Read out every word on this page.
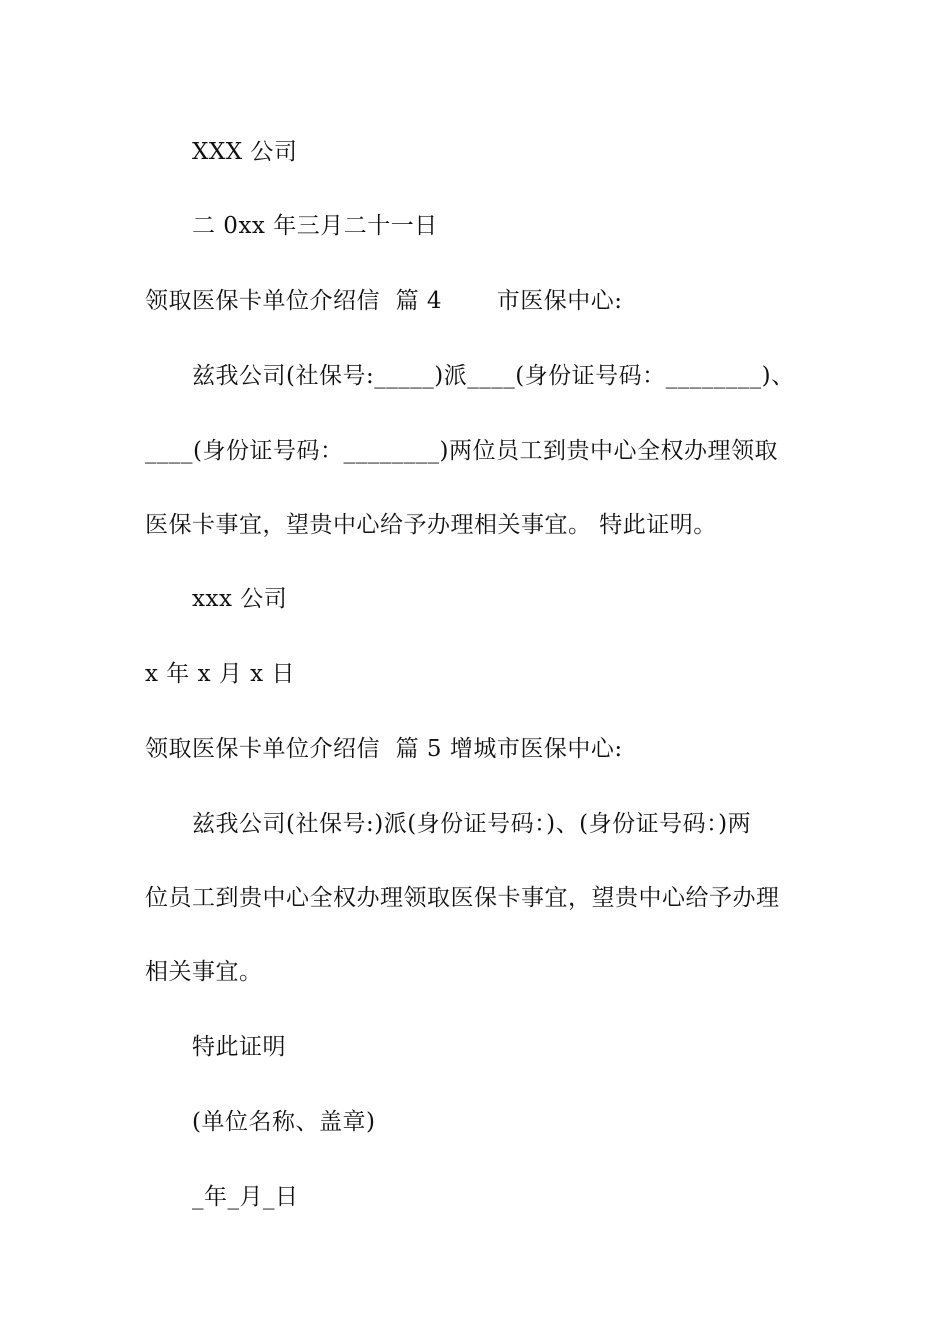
XXX 公司
二 0xx 年三月二十一日
领取医保卡单位介绍信  篇 4       市医保中心:
兹我公司(社保号:_____)派____(身份证号码：________)、
____(身份证号码：________)两位员工到贵中心全权办理领取
医保卡事宜，望贵中心给予办理相关事宜。 特此证明。
xxx 公司
x 年 x 月 x 日
领取医保卡单位介绍信  篇 5 增城市医保中心:
兹我公司(社保号:)派(身份证号码：)、(身份证号码：)两
位员工到贵中心全权办理领取医保卡事宜，望贵中心给予办理
相关事宜。
特此证明
(单位名称、盖章)
_年_月_日
